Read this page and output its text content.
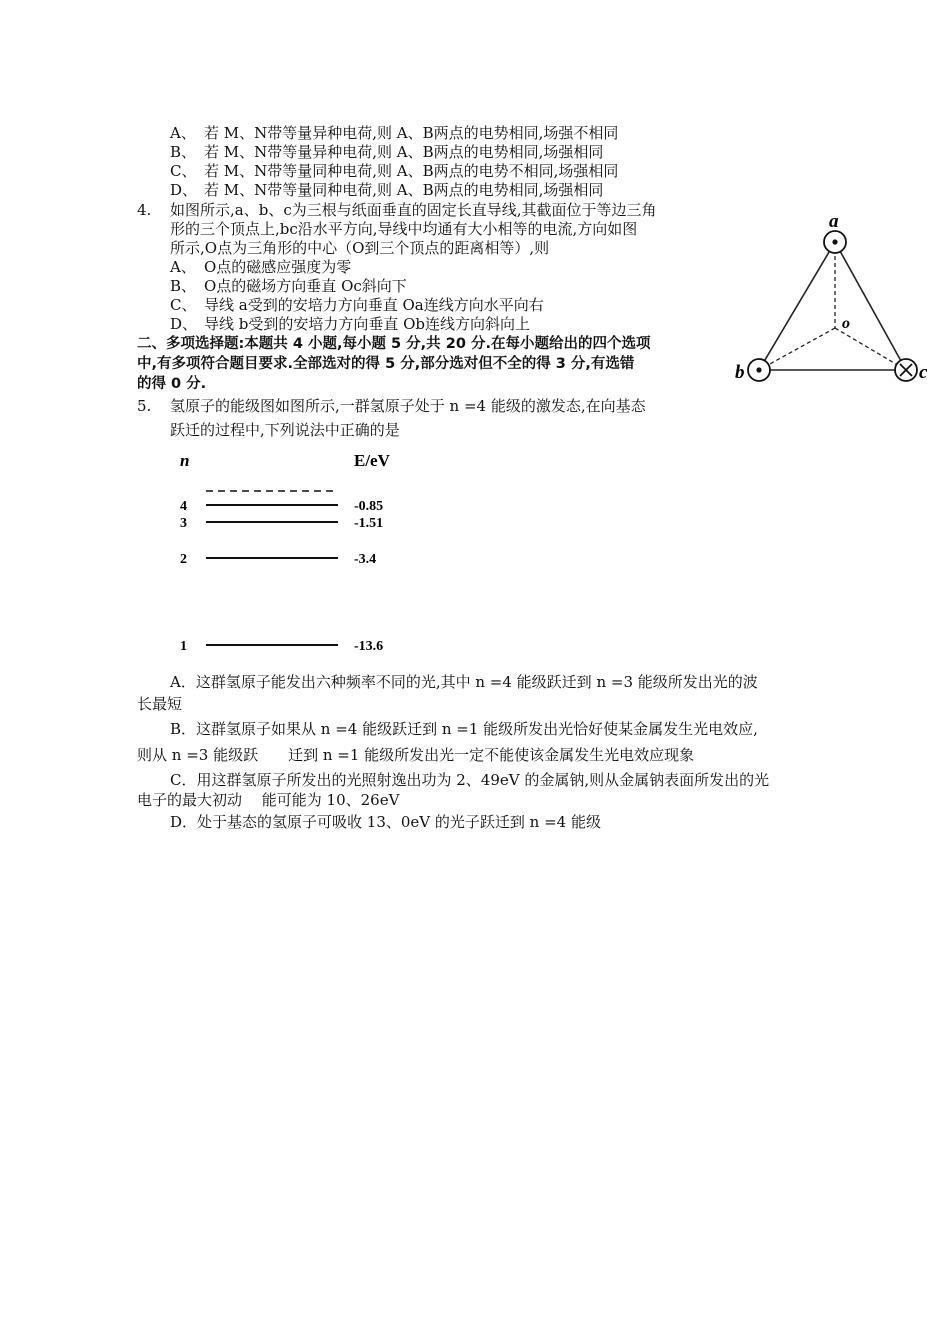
A、 若 M、N带等量异种电荷,则 A、B两点的电势相同,场强不相同
B、 若 M、N带等量异种电荷,则 A、B两点的电势相同,场强相同
C、 若 M、N带等量同种电荷,则 A、B两点的电势不相同,场强相同
D、 若 M、N带等量同种电荷,则 A、B两点的电势相同,场强相同
4. 如图所示,a、b、c为三根与纸面垂直的固定长直导线,其截面位于等边三角
形的三个顶点上,bc沿水平方向,导线中均通有大小相等的电流,方向如图
所示,O点为三角形的中心（O到三个顶点的距离相等）,则
A、 O点的磁感应强度为零
B、 O点的磁场方向垂直 Oc斜向下
C、 导线 a受到的安培力方向垂直 Oa连线方向水平向右
D、 导线 b受到的安培力方向垂直 Ob连线方向斜向上
a
b	c
o
二、多项选择题:本题共 4 小题,每小题 5 分,共 20 分.在每小题给出的四个选项
中,有多项符合题目要求.全部选对的得 5 分,部分选对但不全的得 3 分,有选错
的得 0 分.
5. 氢原子的能级图如图所示,一群氢原子处于 n =4 能级的激发态,在向基态
跃迁的过程中,下列说法中正确的是
n	E/eV
4	-0.85
3	-1.51
2	-3.4
1	-13.6
A．这群氢原子能发出六种频率不同的光,其中 n =4 能级跃迁到 n =3 能级所发出光的波
长最短
B．这群氢原子如果从 n =4 能级跃迁到 n =1 能级所发出光恰好使某金属发生光电效应,
则从 n =3 能级跃　　迁到 n =1 能级所发出光一定不能使该金属发生光电效应现象
C．用这群氢原子所发出的光照射逸出功为 2、49eV 的金属钠,则从金属钠表面所发出的光
电子的最大初动　 能可能为 10、26eV
D．处于基态的氢原子可吸收 13、0eV 的光子跃迁到 n =4 能级
